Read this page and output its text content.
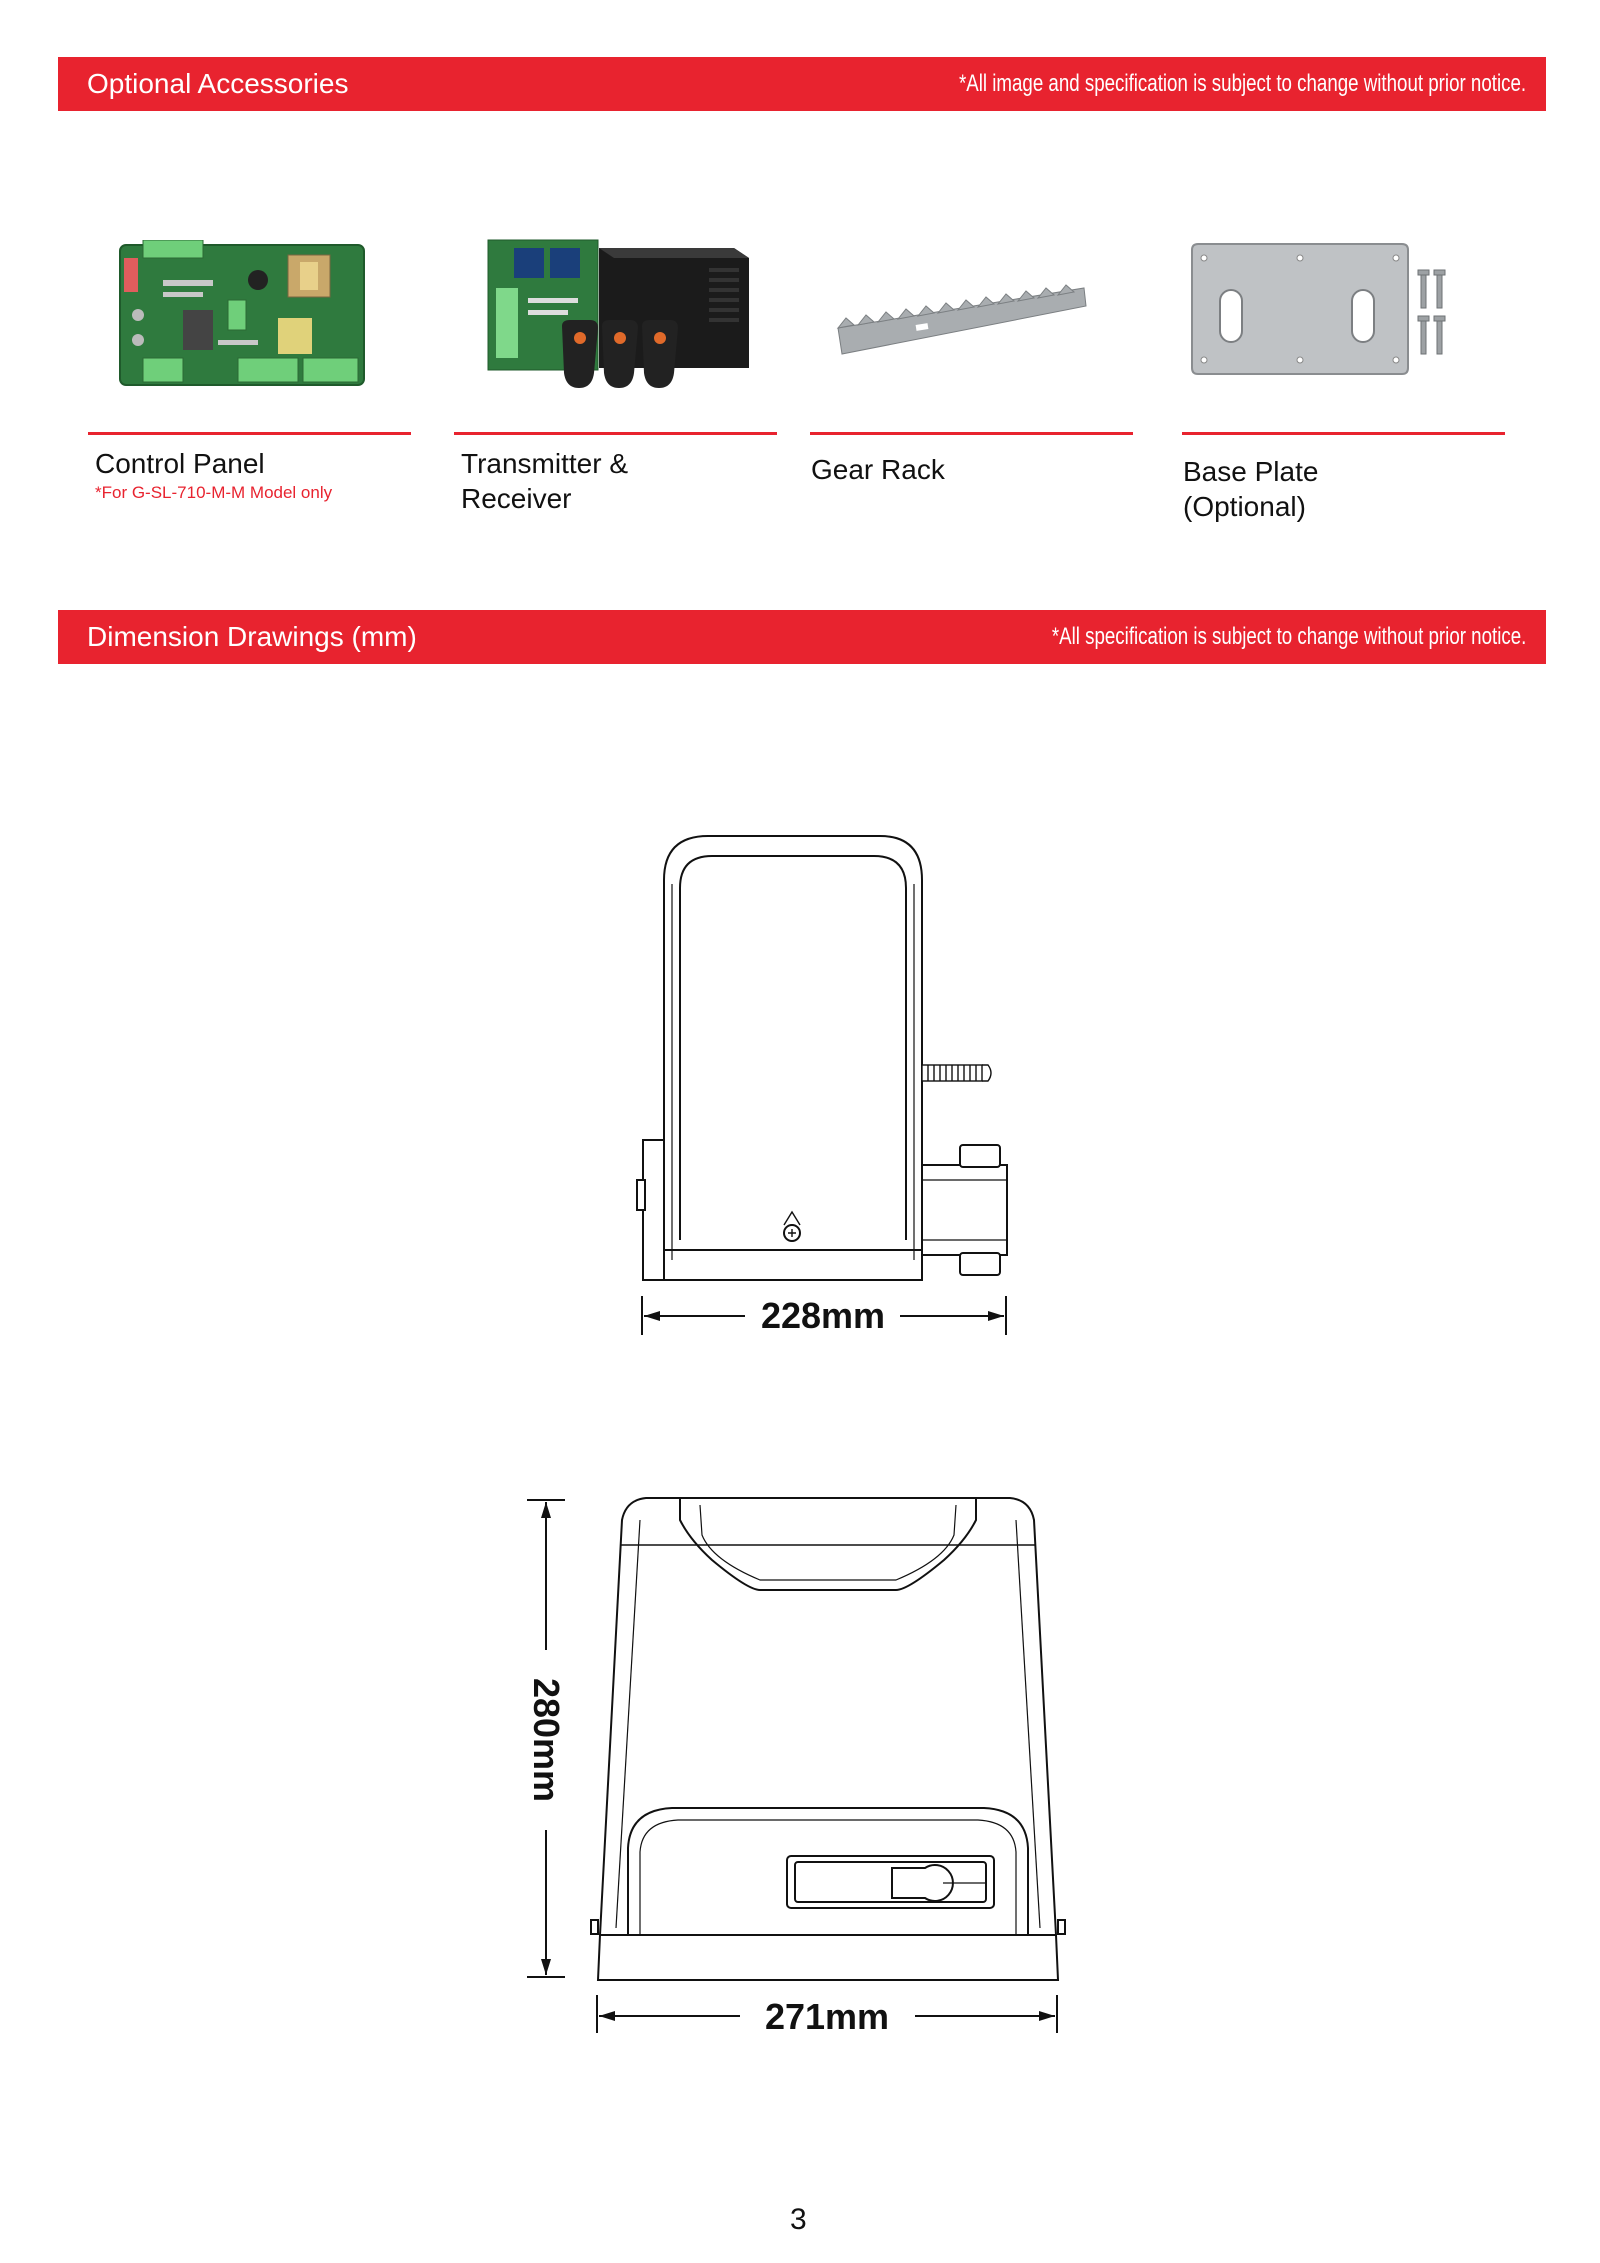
Optional Accessories	*All image and specification is subject to change without prior notice.
Control Panel
*For G-SL-710-M-M Model only
Transmitter &
Receiver
Gear Rack	Base Plate
(Optional)
Dimension Drawings (mm)	*All specification is subject to change without prior notice.
228mm
280mm
271mm
3
